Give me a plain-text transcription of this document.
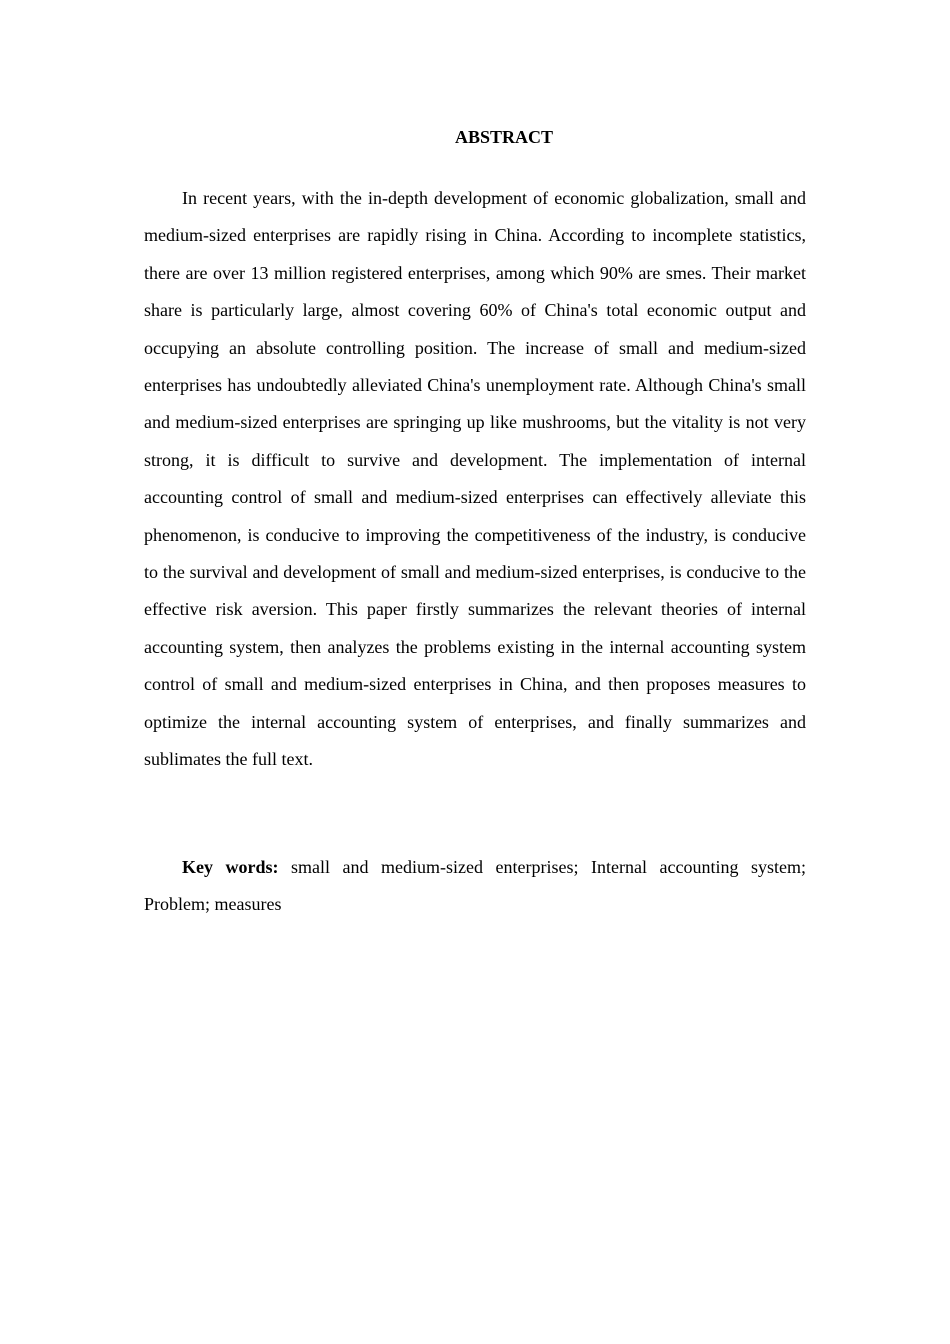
ABSTRACT

In recent years, with the in-depth development of economic globalization, small and medium-sized enterprises are rapidly rising in China. According to incomplete statistics, there are over 13 million registered enterprises, among which 90% are smes. Their market share is particularly large, almost covering 60% of China's total economic output and occupying an absolute controlling position. The increase of small and medium-sized enterprises has undoubtedly alleviated China's unemployment rate. Although China's small and medium-sized enterprises are springing up like mushrooms, but the vitality is not very strong, it is difficult to survive and development. The implementation of internal accounting control of small and medium-sized enterprises can effectively alleviate this phenomenon, is conducive to improving the competitiveness of the industry, is conducive to the survival and development of small and medium-sized enterprises, is conducive to the effective risk aversion. This paper firstly summarizes the relevant theories of internal accounting system, then analyzes the problems existing in the internal accounting system control of small and medium-sized enterprises in China, and then proposes measures to optimize the internal accounting system of enterprises, and finally summarizes and sublimates the full text.

Key words: small and medium-sized enterprises; Internal accounting system; Problem; measures
